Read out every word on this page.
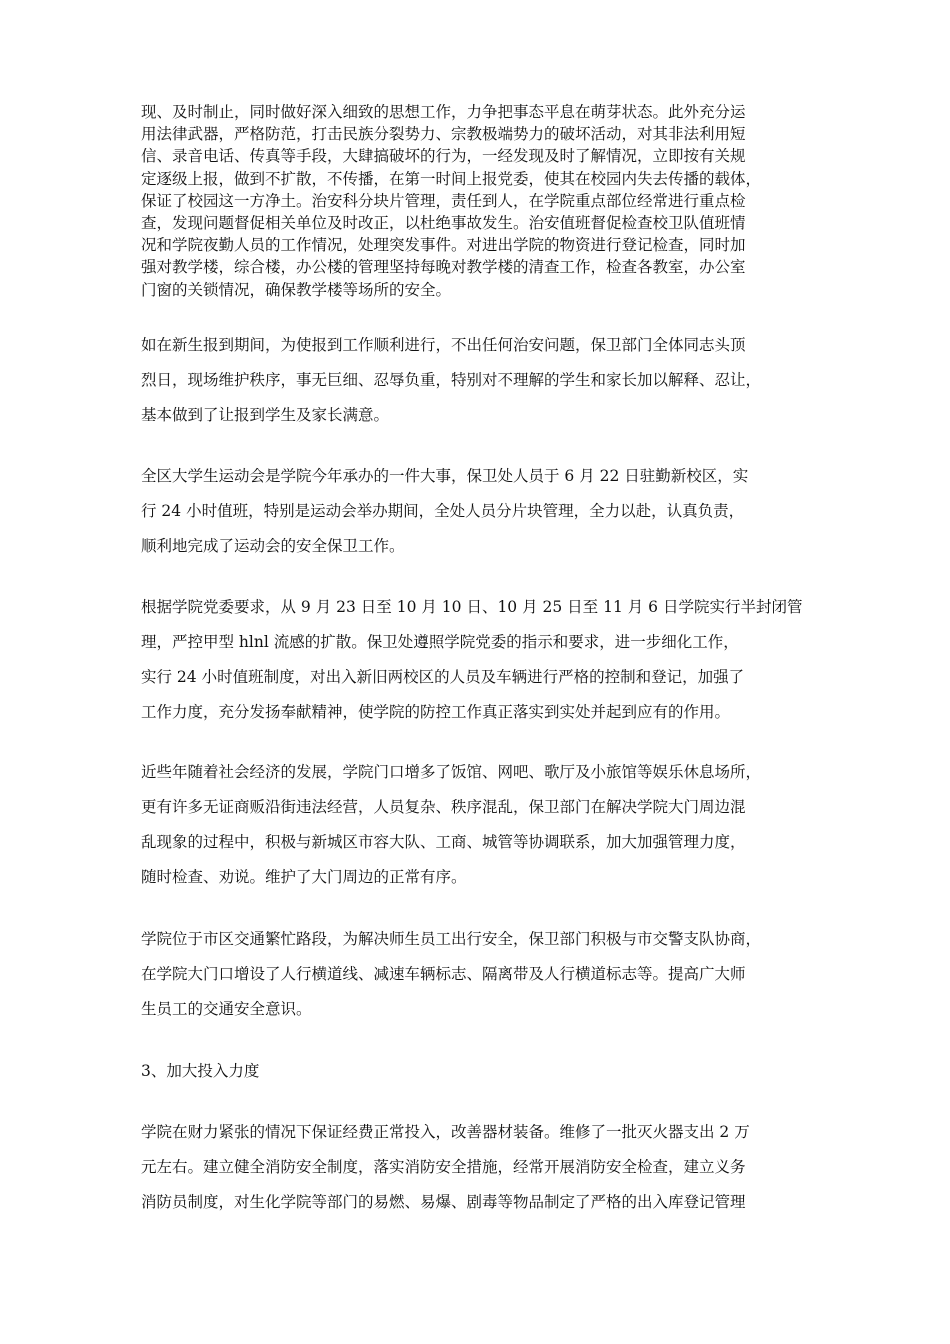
现、及时制止，同时做好深入细致的思想工作，力争把事态平息在萌芽状态。此外充分运
用法律武器，严格防范，打击民族分裂势力、宗教极端势力的破坏活动，对其非法利用短
信、录音电话、传真等手段，大肆搞破坏的行为，一经发现及时了解情况，立即按有关规
定逐级上报，做到不扩散，不传播，在第一时间上报党委，使其在校园内失去传播的载体，
保证了校园这一方净土。治安科分块片管理，责任到人，在学院重点部位经常进行重点检
查，发现问题督促相关单位及时改正，以杜绝事故发生。治安值班督促检查校卫队值班情
况和学院夜勤人员的工作情况，处理突发事件。对进出学院的物资进行登记检查，同时加
强对教学楼，综合楼，办公楼的管理坚持每晚对教学楼的清查工作，检查各教室，办公室
门窗的关锁情况，确保教学楼等场所的安全。

如在新生报到期间，为使报到工作顺利进行，不出任何治安问题，保卫部门全体同志头顶
烈日，现场维护秩序，事无巨细、忍辱负重，特别对不理解的学生和家长加以解释、忍让，
基本做到了让报到学生及家长满意。

全区大学生运动会是学院今年承办的一件大事，保卫处人员于 6 月 22 日驻勤新校区，实
行 24 小时值班，特别是运动会举办期间，全处人员分片块管理，全力以赴，认真负责，
顺利地完成了运动会的安全保卫工作。

根据学院党委要求，从 9 月 23 日至 10 月 10 日、10 月 25 日至 11 月 6 日学院实行半封闭管
理，严控甲型 hlnl 流感的扩散。保卫处遵照学院党委的指示和要求，进一步细化工作，
实行 24 小时值班制度，对出入新旧两校区的人员及车辆进行严格的控制和登记，加强了
工作力度，充分发扬奉献精神，使学院的防控工作真正落实到实处并起到应有的作用。

近些年随着社会经济的发展，学院门口增多了饭馆、网吧、歌厅及小旅馆等娱乐休息场所，
更有许多无证商贩沿街违法经营，人员复杂、秩序混乱，保卫部门在解决学院大门周边混
乱现象的过程中，积极与新城区市容大队、工商、城管等协调联系，加大加强管理力度，
随时检查、劝说。维护了大门周边的正常有序。

学院位于市区交通繁忙路段，为解决师生员工出行安全，保卫部门积极与市交警支队协商，
在学院大门口增设了人行横道线、减速车辆标志、隔离带及人行横道标志等。提高广大师
生员工的交通安全意识。

3、加大投入力度

学院在财力紧张的情况下保证经费正常投入，改善器材装备。维修了一批灭火器支出 2 万
元左右。建立健全消防安全制度，落实消防安全措施，经常开展消防安全检查，建立义务
消防员制度，对生化学院等部门的易燃、易爆、剧毒等物品制定了严格的出入库登记管理
